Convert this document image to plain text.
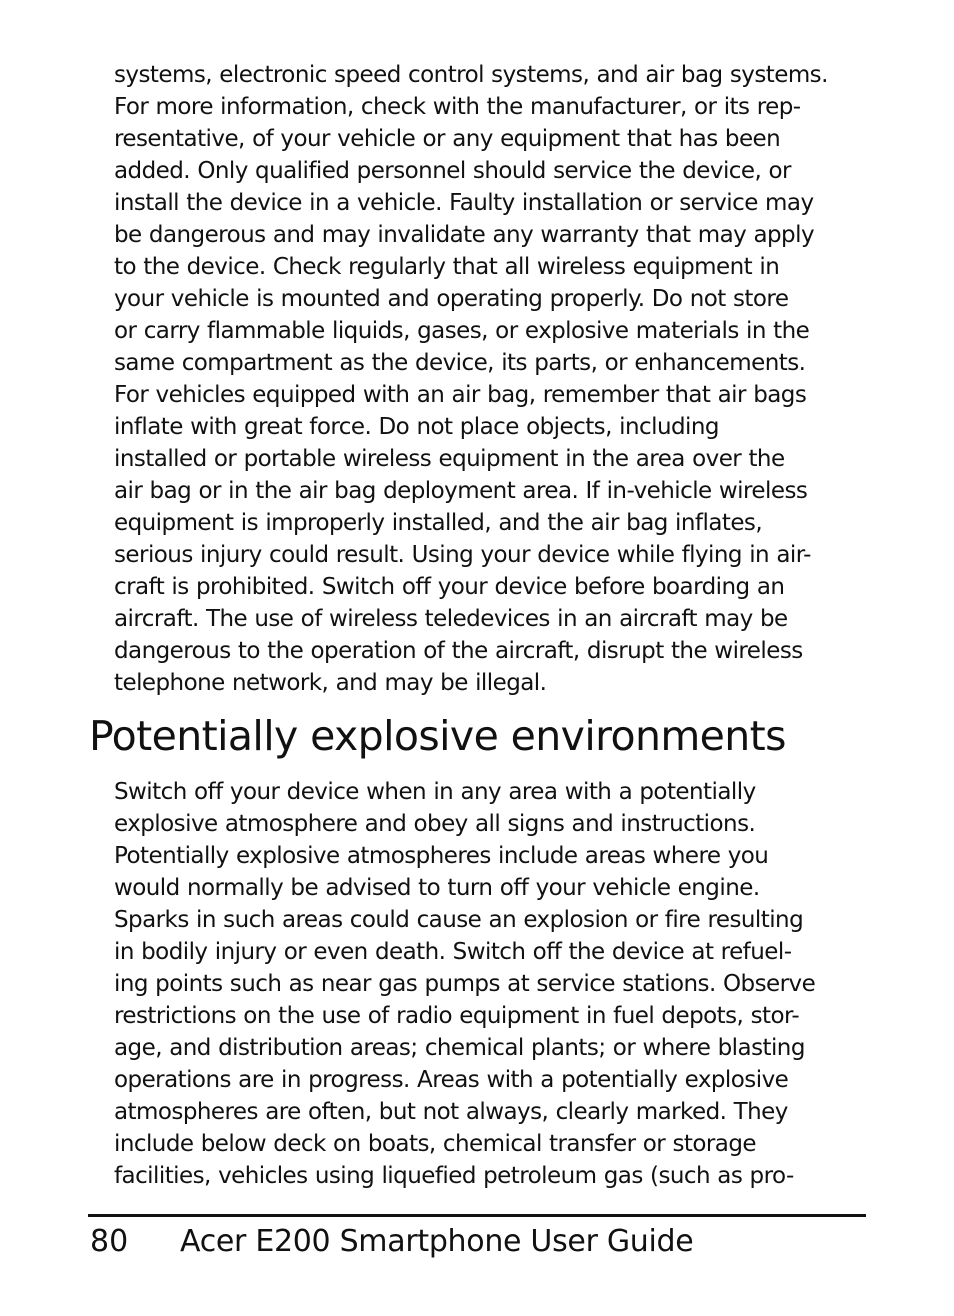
systems, electronic speed control systems, and air bag systems.
For more information, check with the manufacturer, or its rep-
resentative, of your vehicle or any equipment that has been
added. Only qualified personnel should service the device, or
install the device in a vehicle. Faulty installation or service may
be dangerous and may invalidate any warranty that may apply
to the device. Check regularly that all wireless equipment in
your vehicle is mounted and operating properly. Do not store
or carry flammable liquids, gases, or explosive materials in the
same compartment as the device, its parts, or enhancements.
For vehicles equipped with an air bag, remember that air bags
inflate with great force. Do not place objects, including
installed or portable wireless equipment in the area over the
air bag or in the air bag deployment area. If in-vehicle wireless
equipment is improperly installed, and the air bag inflates,
serious injury could result. Using your device while flying in air-
craft is prohibited. Switch off your device before boarding an
aircraft. The use of wireless teledevices in an aircraft may be
dangerous to the operation of the aircraft, disrupt the wireless
telephone network, and may be illegal.
Potentially explosive environments
Switch off your device when in any area with a potentially
explosive atmosphere and obey all signs and instructions.
Potentially explosive atmospheres include areas where you
would normally be advised to turn off your vehicle engine.
Sparks in such areas could cause an explosion or fire resulting
in bodily injury or even death. Switch off the device at refuel-
ing points such as near gas pumps at service stations. Observe
restrictions on the use of radio equipment in fuel depots, stor-
age, and distribution areas; chemical plants; or where blasting
operations are in progress. Areas with a potentially explosive
atmospheres are often, but not always, clearly marked. They
include below deck on boats, chemical transfer or storage
facilities, vehicles using liquefied petroleum gas (such as pro-
80 Acer E200 Smartphone User Guide
